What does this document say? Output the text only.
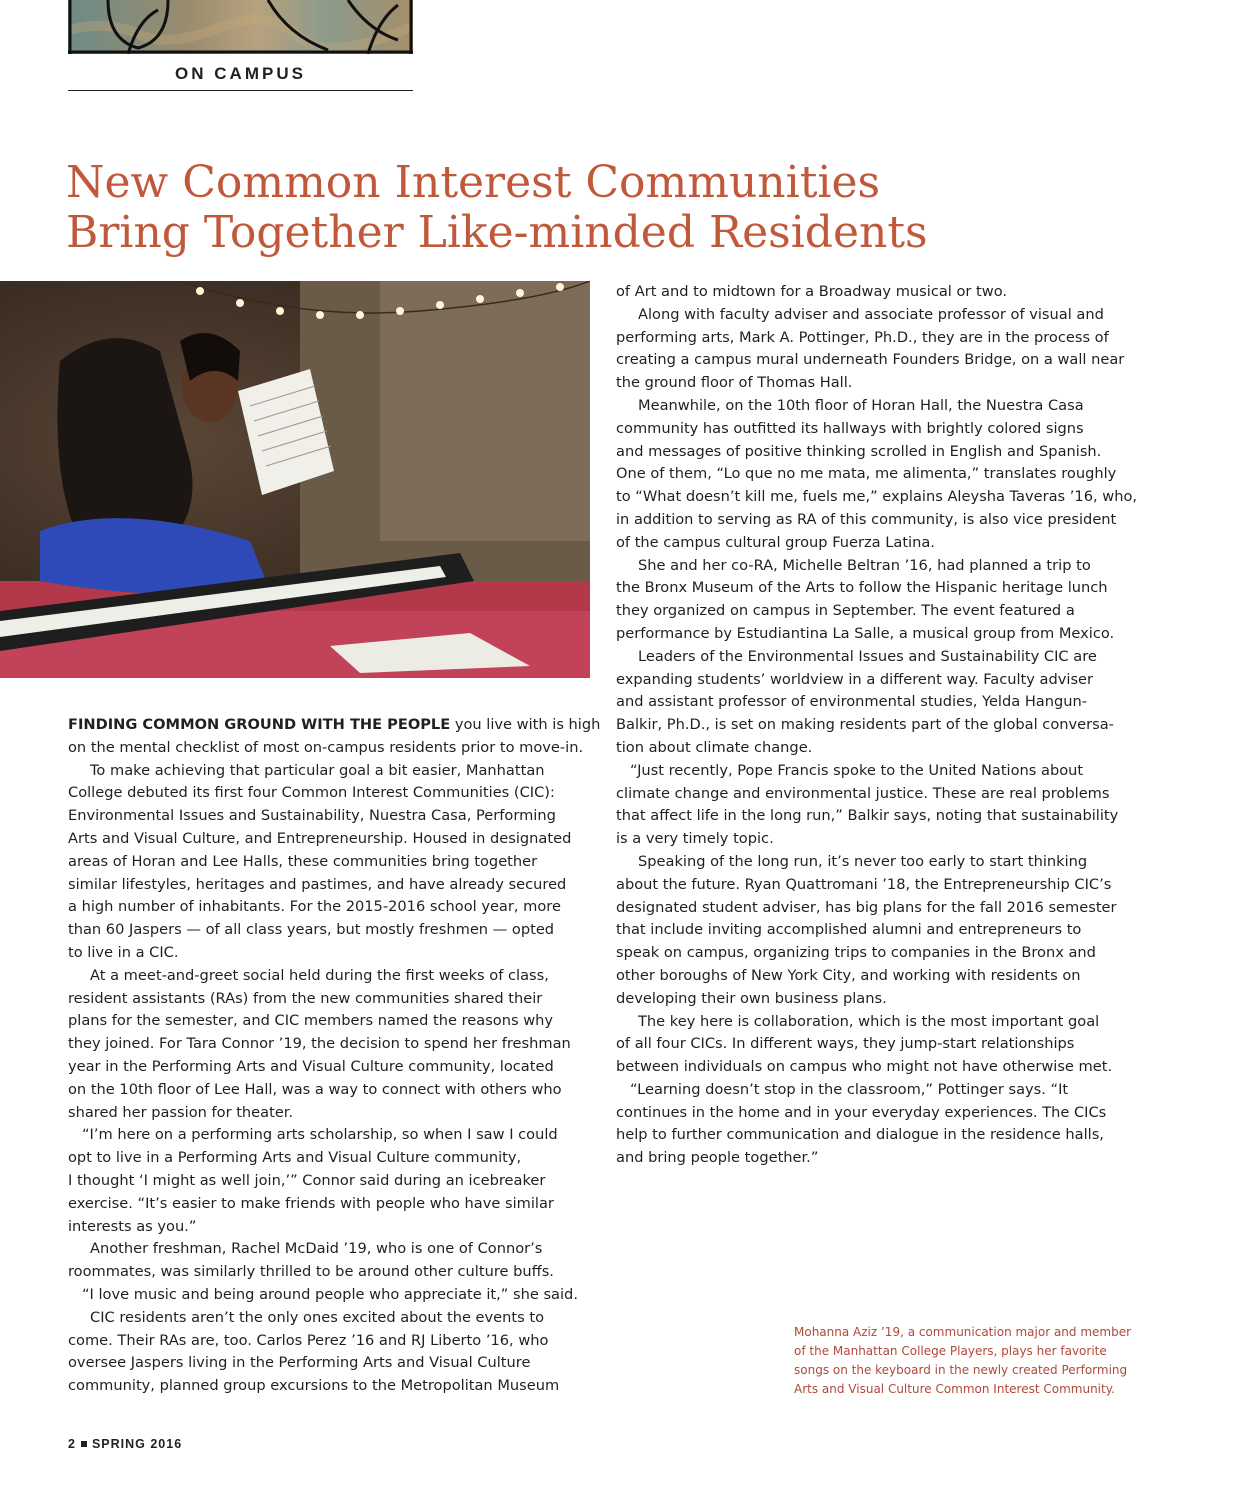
ON CAMPUS
New Common Interest Communities
Bring Together Like-minded Residents

FINDING COMMON GROUND WITH THE PEOPLE you live with is high

on the mental checklist of most on-campus residents prior to move-in.

To make achieving that particular goal a bit easier, Manhattan

College debuted its first four Common Interest Communities (CIC):

Environmental Issues and Sustainability, Nuestra Casa, Performing

Arts and Visual Culture, and Entrepreneurship. Housed in designated

areas of Horan and Lee Halls, these communities bring together

similar lifestyles, heritages and pastimes, and have already secured

a high number of inhabitants. For the 2015-2016 school year, more

than 60 Jaspers — of all class years, but mostly freshmen — opted

to live in a CIC.

At a meet-and-greet social held during the first weeks of class,

resident assistants (RAs) from the new communities shared their

plans for the semester, and CIC members named the reasons why

they joined. For Tara Connor ’19, the decision to spend her freshman

year in the Performing Arts and Visual Culture community, located

on the 10th floor of Lee Hall, was a way to connect with others who

shared her passion for theater.

“I’m here on a performing arts scholarship, so when I saw I could

opt to live in a Performing Arts and Visual Culture community,

I thought ‘I might as well join,’” Connor said during an icebreaker

exercise. “It’s easier to make friends with people who have similar

interests as you.”

Another freshman, Rachel McDaid ’19, who is one of Connor’s

roommates, was similarly thrilled to be around other culture buffs.

“I love music and being around people who appreciate it,” she said.

CIC residents aren’t the only ones excited about the events to

come. Their RAs are, too. Carlos Perez ’16 and RJ Liberto ’16, who

oversee Jaspers living in the Performing Arts and Visual Culture

community, planned group excursions to the Metropolitan Museum

of Art and to midtown for a Broadway musical or two.

Along with faculty adviser and associate professor of visual and

performing arts, Mark A. Pottinger, Ph.D., they are in the process of

creating a campus mural underneath Founders Bridge, on a wall near

the ground floor of Thomas Hall.

Meanwhile, on the 10th floor of Horan Hall, the Nuestra Casa

community has outfitted its hallways with brightly colored signs

and messages of positive thinking scrolled in English and Spanish.

One of them, “Lo que no me mata, me alimenta,” translates roughly

to “What doesn’t kill me, fuels me,” explains Aleysha Taveras ’16, who,

in addition to serving as RA of this community, is also vice president

of the campus cultural group Fuerza Latina.

She and her co-RA, Michelle Beltran ’16, had planned a trip to

the Bronx Museum of the Arts to follow the Hispanic heritage lunch

they organized on campus in September. The event featured a

performance by Estudiantina La Salle, a musical group from Mexico.

Leaders of the Environmental Issues and Sustainability CIC are

expanding students’ worldview in a different way. Faculty adviser

and assistant professor of environmental studies, Yelda Hangun-

Balkir, Ph.D., is set on making residents part of the global conversa-

tion about climate change.

“Just recently, Pope Francis spoke to the United Nations about

climate change and environmental justice. These are real problems

that affect life in the long run,” Balkir says, noting that sustainability

is a very timely topic.

Speaking of the long run, it’s never too early to start thinking

about the future. Ryan Quattromani ’18, the Entrepreneurship CIC’s

designated student adviser, has big plans for the fall 2016 semester

that include inviting accomplished alumni and entrepreneurs to

speak on campus, organizing trips to companies in the Bronx and

other boroughs of New York City, and working with residents on

developing their own business plans.

The key here is collaboration, which is the most important goal

of all four CICs. In different ways, they jump-start relationships

between individuals on campus who might not have otherwise met.

“Learning doesn’t stop in the classroom,” Pottinger says. “It

continues in the home and in your everyday experiences. The CICs

help to further communication and dialogue in the residence halls,

and bring people together.”

Mohanna Aziz ’19, a communication major and member
of the Manhattan College Players, plays her favorite
songs on the keyboard in the newly created Performing
Arts and Visual Culture Common Interest Community.
2 SPRING 2016
